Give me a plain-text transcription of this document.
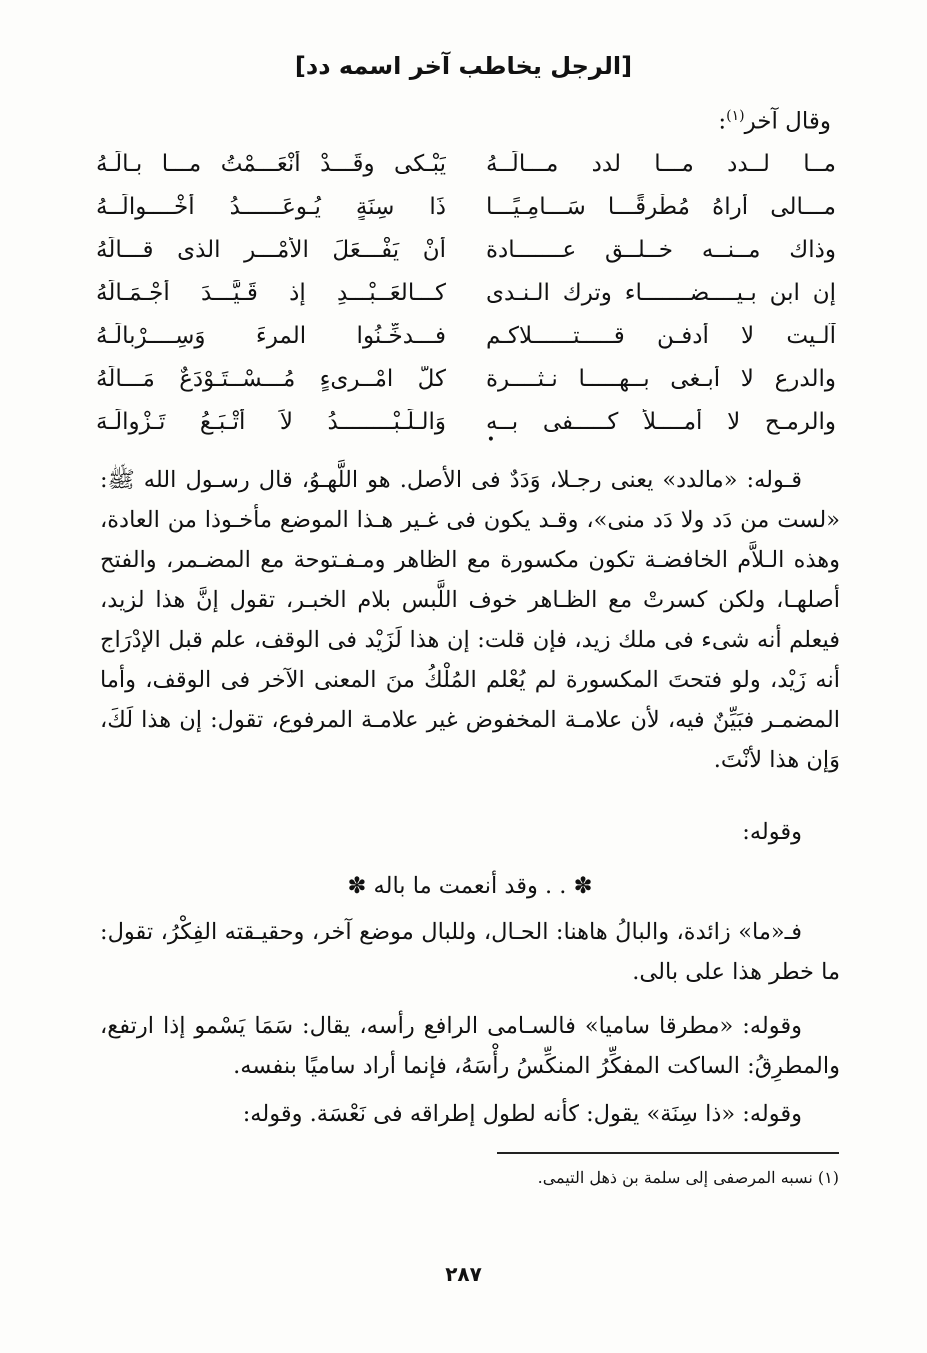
[الرجل يخاطب آخر اسمه دد]
وقال آخر$^{(١)}$:
مــا لــدد مـــا لدد مـــالَــهُ
يَبْـكى وقَـــدْ أَنْعَـــمْتُ مـــا بـالَـهُ
مـــالى أراهُ مُطْرِقًـــا سَـــامِـيًـــا
ذَا سِنَةٍ يُـوعَــــــدُ أَخْــــوالَــهُ
وذاك مــنــه خــلــق عـــــــادة
أَنْ يَفْـــعَلَ الأَمْـــر الذى قـــالَهُ
إن ابن بـيــــضـــــــاء وترك الـنـدى
كـــالعَــبْـــدِ إذ قَـيَّـــدَ أَجْـمَـالَهُ
آلـيت لا أدفـن قـــــتــــــلاكـم
فـــدخِّـنُوا المرءَ وَسِــــرْبالَـهُ
والدرع لا أبـغى بــهـــــا نـثــــرة
كلُّ امْــرِىءٍ مُـــسْــتَـوْدَعٌ مَـــالَهُ
والرمـح لا أمــــلأ كـــــفى بــه
وَالـلِّـبْــــــــدُ لاَ أَتْـبَـعُ تَـزْوالَـهَ
•

قـوله: «مالدد» يعنى رجـلا، وَدَدٌ فى الأصل. هو اللَّهـوُ، قال رسـول الله ﷺ: «لست من دَد ولا دَد منى»، وقـد يكون فى غـير هـذا الموضع مأخـوذا من العادة، وهذه الـلاَّم الخافضـة تكون مكسورة مع الظاهر ومـفـتوحة مع المضـمر، والفتح أصلهـا، ولكن كسرتْ مع الظـاهر خوف اللَّبس بلام الخبـر، تقول إنَّ هذا لزيد، فيعلم أنه شىء فى ملك زيد، فإن قلت: إن هذا لَزَيْد فى الوقف، علم قبل الإدْرَاج أنه زَيْد، ولو فتحتَ المكسورة لم يُعْلم المُلْكُ منَ المعنى الآخر فى الوقف، وأما المضمـر فبَيِّنٌ فيه، لأن علامـة المخفوض غير علامـة المرفوع، تقول: إن هذا لَكَ، وَإن هذا لأنْتَ.

وقوله:

✽ . . وقد أنعمت ما باله ✽

فـ«ما» زائدة، والبالُ هاهنا: الحـال، وللبال موضع آخر، وحقيـقته الفِكْرُ، تقول: ما خطر هذا على بالى.

وقوله: «مطرقا ساميا» فالسـامى الرافع رأسه، يقال: سَمَا يَسْمو إذا ارتفع، والمطرِقُ: الساكت المفكِّرُ المنكِّسُ رأْسَهُ، فإنما أراد ساميًا بنفسه.

وقوله: «ذا سِنَة» يقول: كأنه لطول إطراقه فى نَعْسَة. وقوله:

(١) نسبه المرصفى إلى سلمة بن ذهل التيمى.
٢٨٧
